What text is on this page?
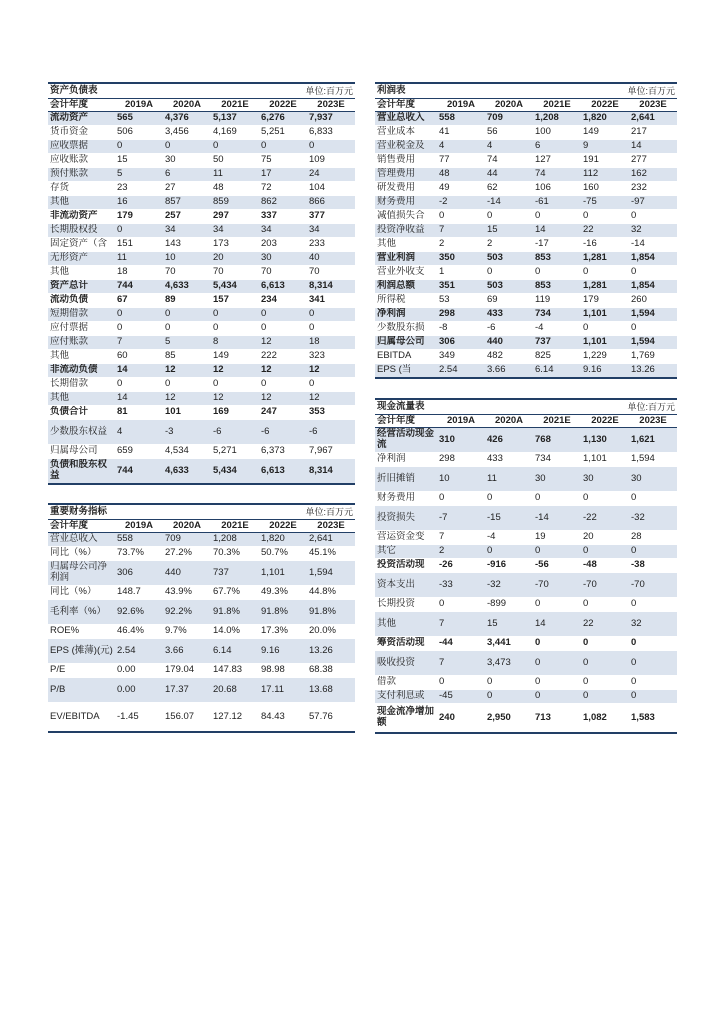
资产负债表				单位:百万元	
会计年度	2019A	2020A	2021E	2022E	2023E
流动资产	565	4,376	5,137	6,276	7,937
货币资金	506	3,456	4,169	5,251	6,833
应收票据	0	0	0	0	0
应收账款	15	30	50	75	109
预付账款	5	6	11	17	24
存货	23	27	48	72	104
其他	16	857	859	862	866
非流动资产	179	257	297	337	377
长期股权投	0	34	34	34	34
固定资产（含	151	143	173	203	233
无形资产	11	10	20	30	40
其他	18	70	70	70	70
资产总计	744	4,633	5,434	6,613	8,314
流动负债	67	89	157	234	341
短期借款	0	0	0	0	0
应付票据	0	0	0	0	0
应付账款	7	5	8	12	18
其他	60	85	149	222	323
非流动负债	14	12	12	12	12
长期借款	0	0	0	0	0
其他	14	12	12	12	12
负债合计	81	101	169	247	353
少数股东权益	4	-3	-6	-6	-6
归属母公司	659	4,534	5,271	6,373	7,967
负债和股东权益	744	4,633	5,434	6,613	8,314
重要财务指标				单位:百万元	
会计年度	2019A	2020A	2021E	2022E	2023E
营业总收入	558	709	1,208	1,820	2,641
同比（%）	73.7%	27.2%	70.3%	50.7%	45.1%
归属母公司净利润	306	440	737	1,101	1,594
同比（%）	148.7	43.9%	67.7%	49.3%	44.8%
毛利率（%）	92.6%	92.2%	91.8%	91.8%	91.8%
ROE%	46.4%	9.7%	14.0%	17.3%	20.0%
EPS (摊薄)(元)	2.54	3.66	6.14	9.16	13.26
P/E	0.00	179.04	147.83	98.98	68.38
P/B	0.00	17.37	20.68	17.11	13.68
EV/EBITDA	-1.45	156.07	127.12	84.43	57.76
利润表				单位:百万元	
会计年度	2019A	2020A	2021E	2022E	2023E
营业总收入	558	709	1,208	1,820	2,641
营业成本	41	56	100	149	217
营业税金及	4	4	6	9	14
销售费用	77	74	127	191	277
管理费用	48	44	74	112	162
研发费用	49	62	106	160	232
财务费用	-2	-14	-61	-75	-97
减值损失合	0	0	0	0	0
投资净收益	7	15	14	22	32
其他	2	2	-17	-16	-14
营业利润	350	503	853	1,281	1,854
营业外收支	1	0	0	0	0
利润总额	351	503	853	1,281	1,854
所得税	53	69	119	179	260
净利润	298	433	734	1,101	1,594
少数股东损	-8	-6	-4	0	0
归属母公司	306	440	737	1,101	1,594
EBITDA	349	482	825	1,229	1,769
EPS (当	2.54	3.66	6.14	9.16	13.26
现金流量表				单位:百万元	
会计年度	2019A	2020A	2021E	2022E	2023E
经营活动现金流	310	426	768	1,130	1,621
净利润	298	433	734	1,101	1,594
折旧摊销	10	11	30	30	30
财务费用	0	0	0	0	0
投资损失	-7	-15	-14	-22	-32
营运资金变	7	-4	19	20	28
其它	2	0	0	0	0
投资活动现	-26	-916	-56	-48	-38
资本支出	-33	-32	-70	-70	-70
长期投资	0	-899	0	0	0
其他	7	15	14	22	32
筹资活动现	-44	3,441	0	0	0
吸收投资	7	3,473	0	0	0
借款	0	0	0	0	0
支付利息或	-45	0	0	0	0
现金流净增加额	240	2,950	713	1,082	1,583
